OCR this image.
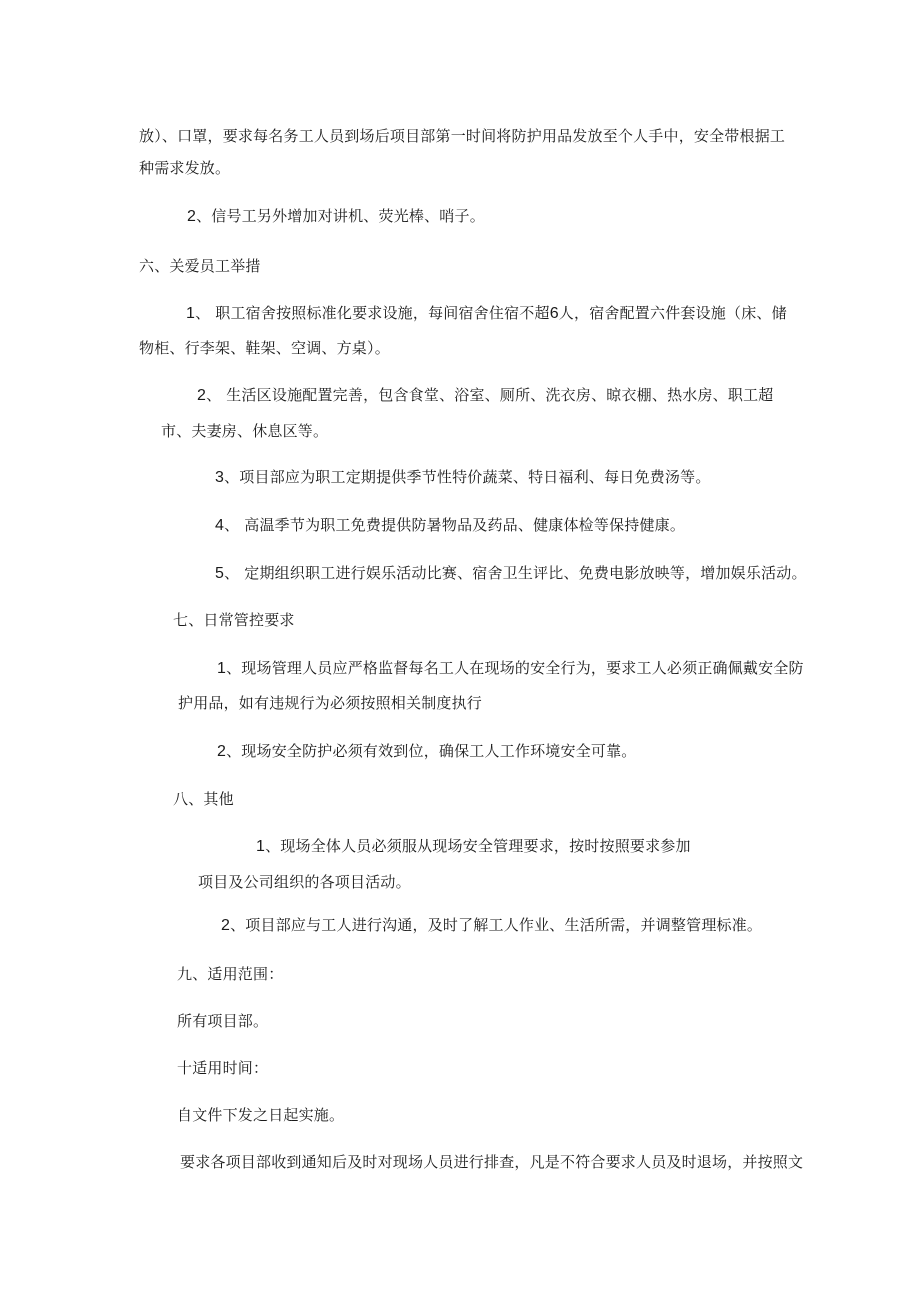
放）、口罩，要求每名务工人员到场后项目部第一时间将防护用品发放至个人手中，安全带根据工
种需求发放。
2、信号工另外增加对讲机、荧光棒、哨子。
六、关爱员工举措
1、 职工宿舍按照标准化要求设施，每间宿舍住宿不超6人，宿舍配置六件套设施（床、储
物柜、行李架、鞋架、空调、方桌）。
2、 生活区设施配置完善，包含食堂、浴室、厕所、洗衣房、晾衣棚、热水房、职工超
市、夫妻房、休息区等。
3、项目部应为职工定期提供季节性特价蔬菜、特日福利、每日免费汤等。
4、 高温季节为职工免费提供防暑物品及药品、健康体检等保持健康。
5、 定期组织职工进行娱乐活动比赛、宿舍卫生评比、免费电影放映等，增加娱乐活动。
七、日常管控要求
1、现场管理人员应严格监督每名工人在现场的安全行为，要求工人必须正确佩戴安全防
护用品，如有违规行为必须按照相关制度执行
2、现场安全防护必须有效到位，确保工人工作环境安全可靠。
八、其他
1、现场全体人员必须服从现场安全管理要求，按时按照要求参加
项目及公司组织的各项目活动。
2、项目部应与工人进行沟通，及时了解工人作业、生活所需，并调整管理标准。
九、适用范围：
所有项目部。
十适用时间：
自文件下发之日起实施。
要求各项目部收到通知后及时对现场人员进行排查，凡是不符合要求人员及时退场，并按照文
